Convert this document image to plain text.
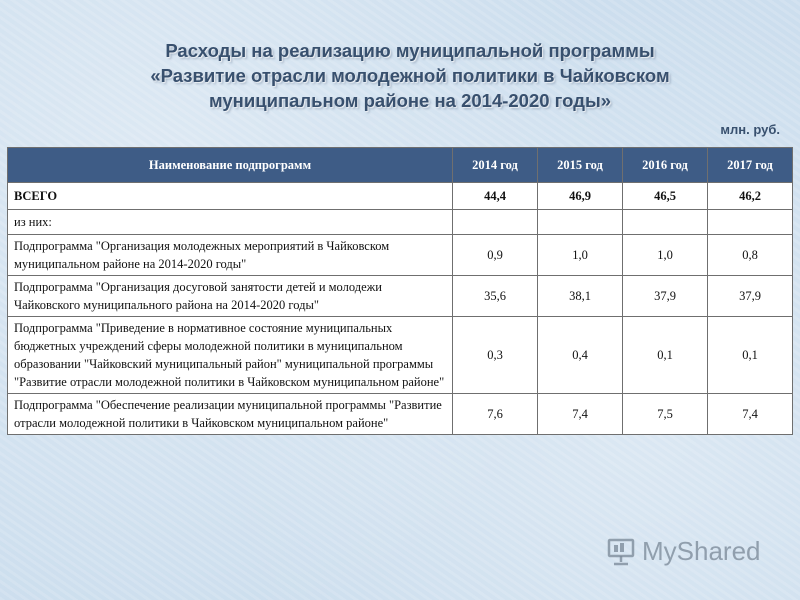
Расходы на реализацию муниципальной программы
«Развитие отрасли молодежной политики в Чайковском
муниципальном районе на 2014-2020 годы»
млн. руб.
Наименование подпрограмм	2014 год	2015 год	2016 год	2017 год
ВСЕГО	44,4	46,9	46,5	46,2
из них:				
Подпрограмма "Организация молодежных мероприятий в Чайковском муниципальном районе на 2014-2020 годы"	0,9	1,0	1,0	0,8
Подпрограмма "Организация досуговой занятости детей и молодежи Чайковского муниципального района на 2014-2020 годы"	35,6	38,1	37,9	37,9
Подпрограмма "Приведение в нормативное состояние муниципальных бюджетных учреждений сферы молодежной политики в муниципальном образовании "Чайковский муниципальный район" муниципальной программы "Развитие отрасли молодежной политики в Чайковском муниципальном районе"	0,3	0,4	0,1	0,1
Подпрограмма "Обеспечение реализации муниципальной программы "Развитие отрасли молодежной политики в Чайковском муниципальном районе"	7,6	7,4	7,5	7,4
MyShared
